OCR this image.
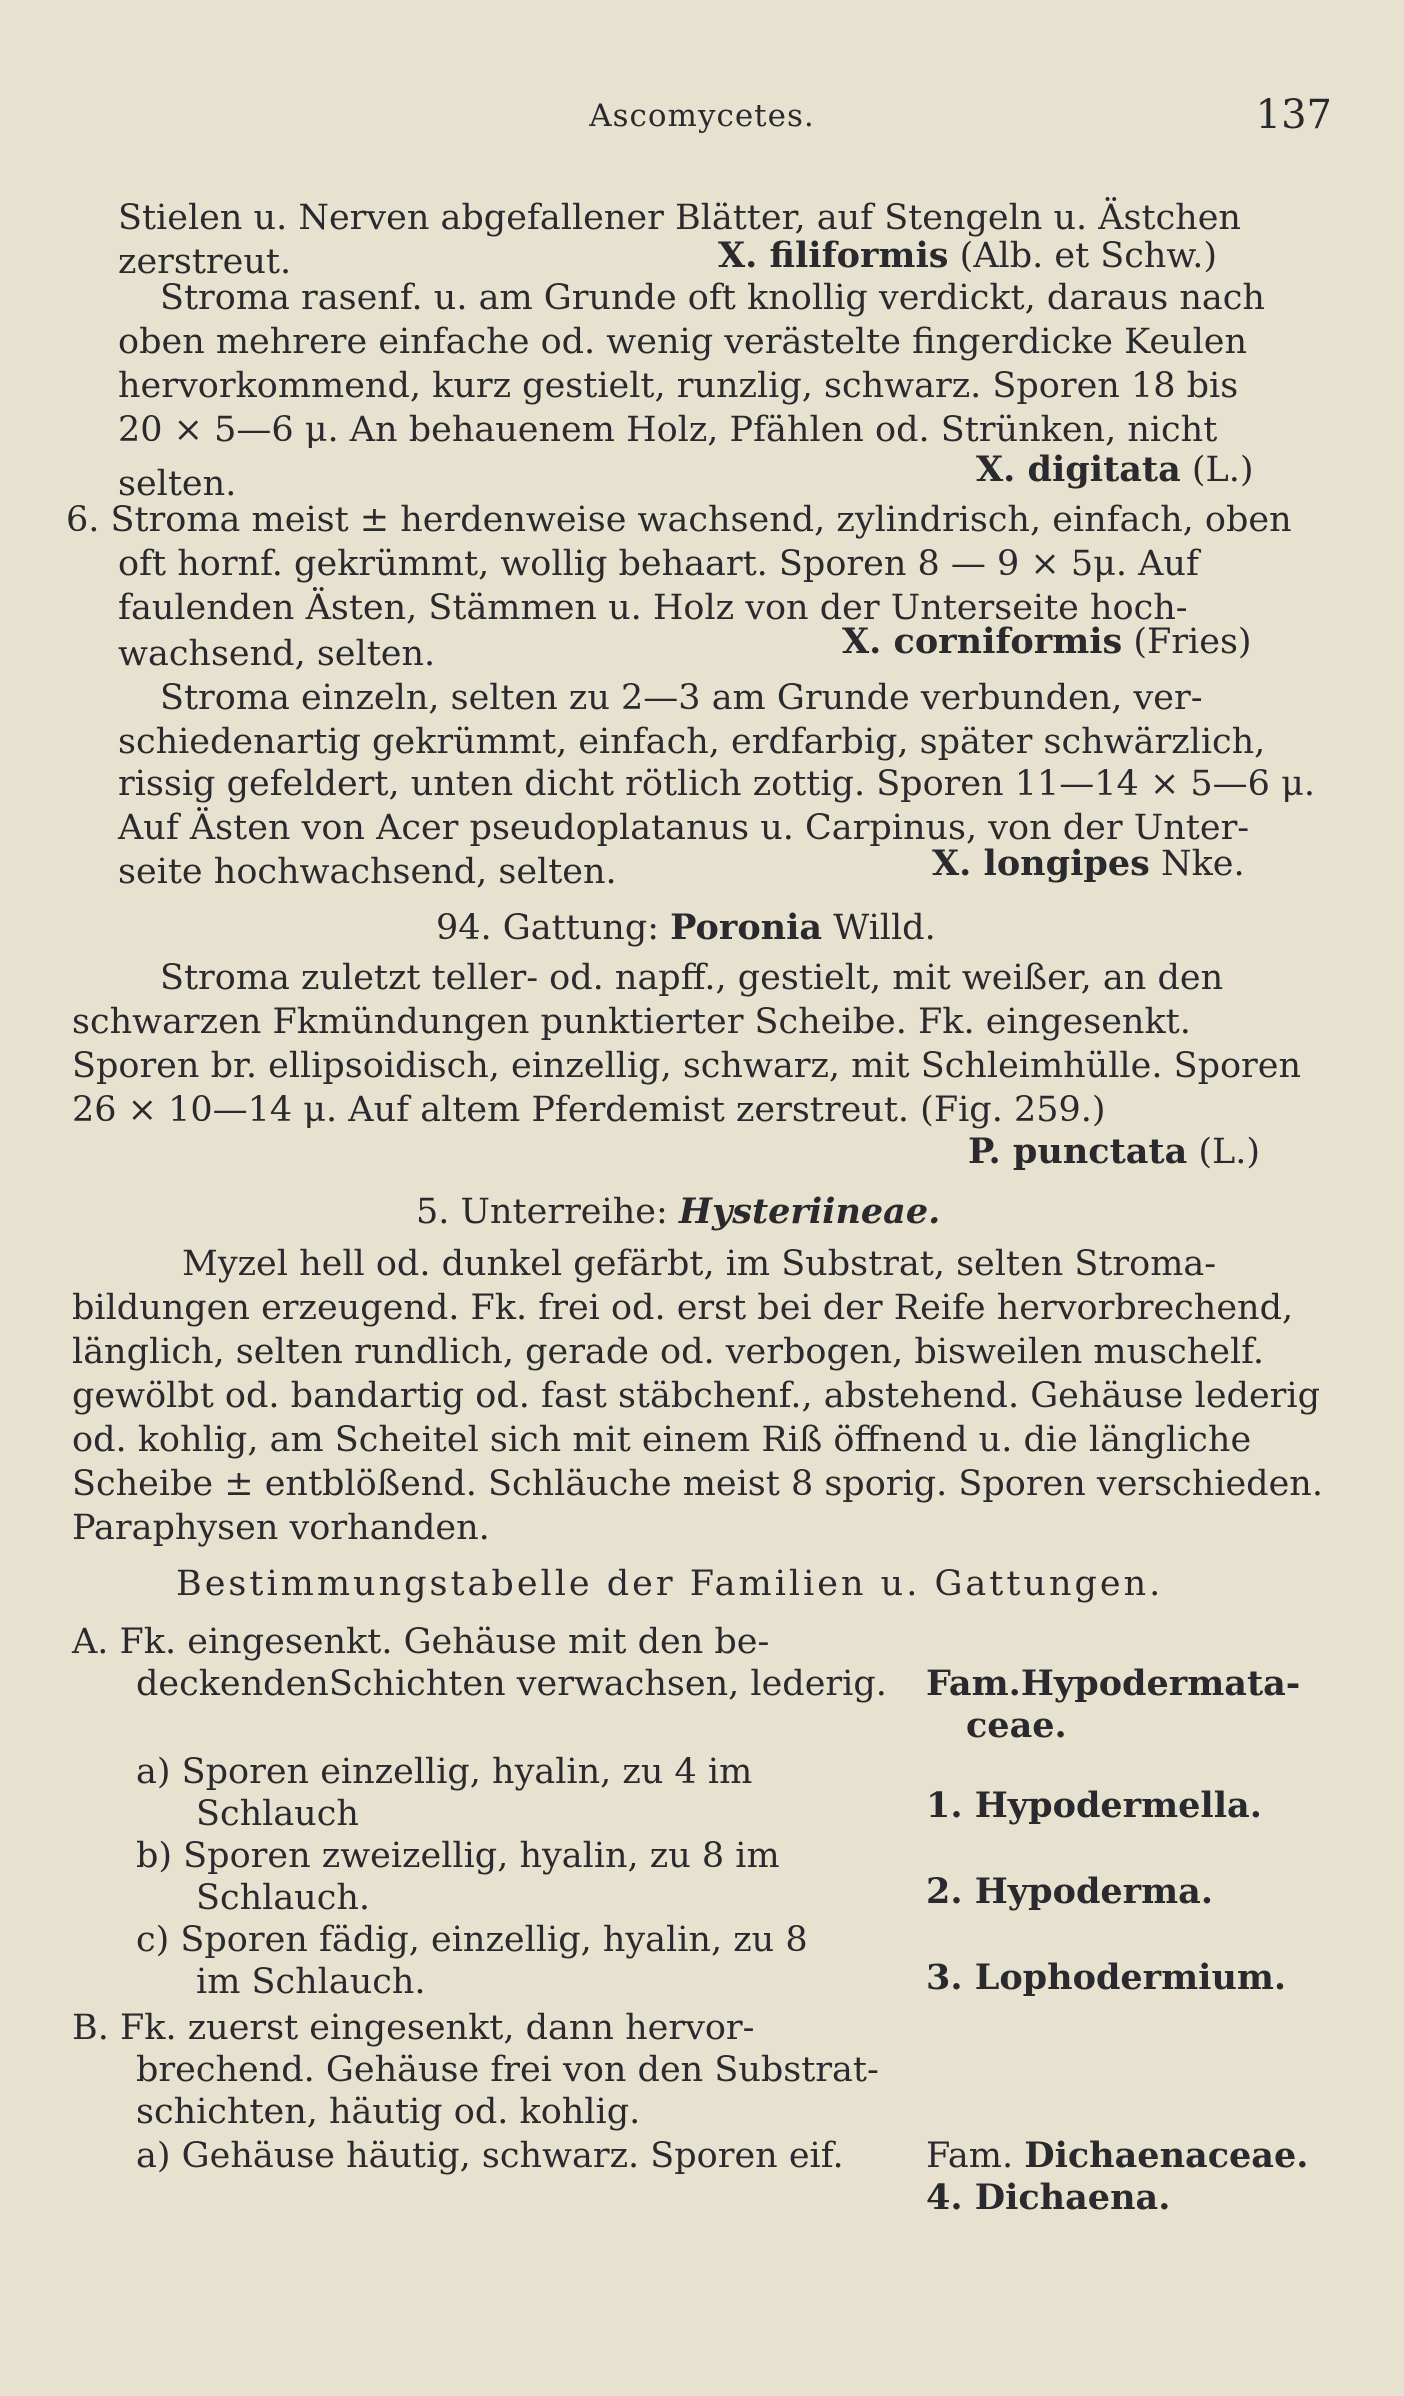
Ascomycetes.	137
Stielen u. Nerven abgefallener Blätter, auf Stengeln u. Ästchen
zerstreut.	X. filiformis (Alb. et Schw.)
Stroma rasenf. u. am Grunde oft knollig verdickt, daraus nach
oben mehrere einfache od. wenig verästelte fingerdicke Keulen
hervorkommend, kurz gestielt, runzlig, schwarz. Sporen 18 bis
20 × 5—6 μ. An behauenem Holz, Pfählen od. Strünken, nicht
selten.	X. digitata (L.)
6. Stroma meist ± herdenweise wachsend, zylindrisch, einfach, oben
oft hornf. gekrümmt, wollig behaart. Sporen 8 — 9 × 5μ. Auf
faulenden Ästen, Stämmen u. Holz von der Unterseite hoch-
wachsend, selten.	X. corniformis (Fries)
Stroma einzeln, selten zu 2—3 am Grunde verbunden, ver-
schiedenartig gekrümmt, einfach, erdfarbig, später schwärzlich,
rissig gefeldert, unten dicht rötlich zottig. Sporen 11—14 × 5—6 μ.
Auf Ästen von Acer pseudoplatanus u. Carpinus, von der Unter-
seite hochwachsend, selten.	X. longipes Nke.
94. Gattung: Poronia Willd.
Stroma zuletzt teller- od. napff., gestielt, mit weißer, an den
schwarzen Fkmündungen punktierter Scheibe. Fk. eingesenkt.
Sporen br. ellipsoidisch, einzellig, schwarz, mit Schleimhülle. Sporen
26 × 10—14 μ. Auf altem Pferdemist zerstreut. (Fig. 259.)
P. punctata (L.)
5. Unterreihe: Hysteriineae.
Myzel hell od. dunkel gefärbt, im Substrat, selten Stroma-
bildungen erzeugend. Fk. frei od. erst bei der Reife hervorbrechend,
länglich, selten rundlich, gerade od. verbogen, bisweilen muschelf.
gewölbt od. bandartig od. fast stäbchenf., abstehend. Gehäuse lederig
od. kohlig, am Scheitel sich mit einem Riß öffnend u. die längliche
Scheibe ± entblößend. Schläuche meist 8 sporig. Sporen verschieden.
Paraphysen vorhanden.
Bestimmungstabelle der Familien u. Gattungen.
A. Fk. eingesenkt. Gehäuse mit den be-
deckendenSchichten verwachsen, lederig. Fam.Hypodermata-
ceae.
a) Sporen einzellig, hyalin, zu 4 im
Schlauch	1. Hypodermella.
b) Sporen zweizellig, hyalin, zu 8 im
Schlauch.	2. Hypoderma.
c) Sporen fädig, einzellig, hyalin, zu 8
im Schlauch.	3. Lophodermium.
B. Fk. zuerst eingesenkt, dann hervor-
brechend. Gehäuse frei von den Substrat-
schichten, häutig od. kohlig.
a) Gehäuse häutig, schwarz. Sporen eif. Fam. Dichaenaceae.
4. Dichaena.
